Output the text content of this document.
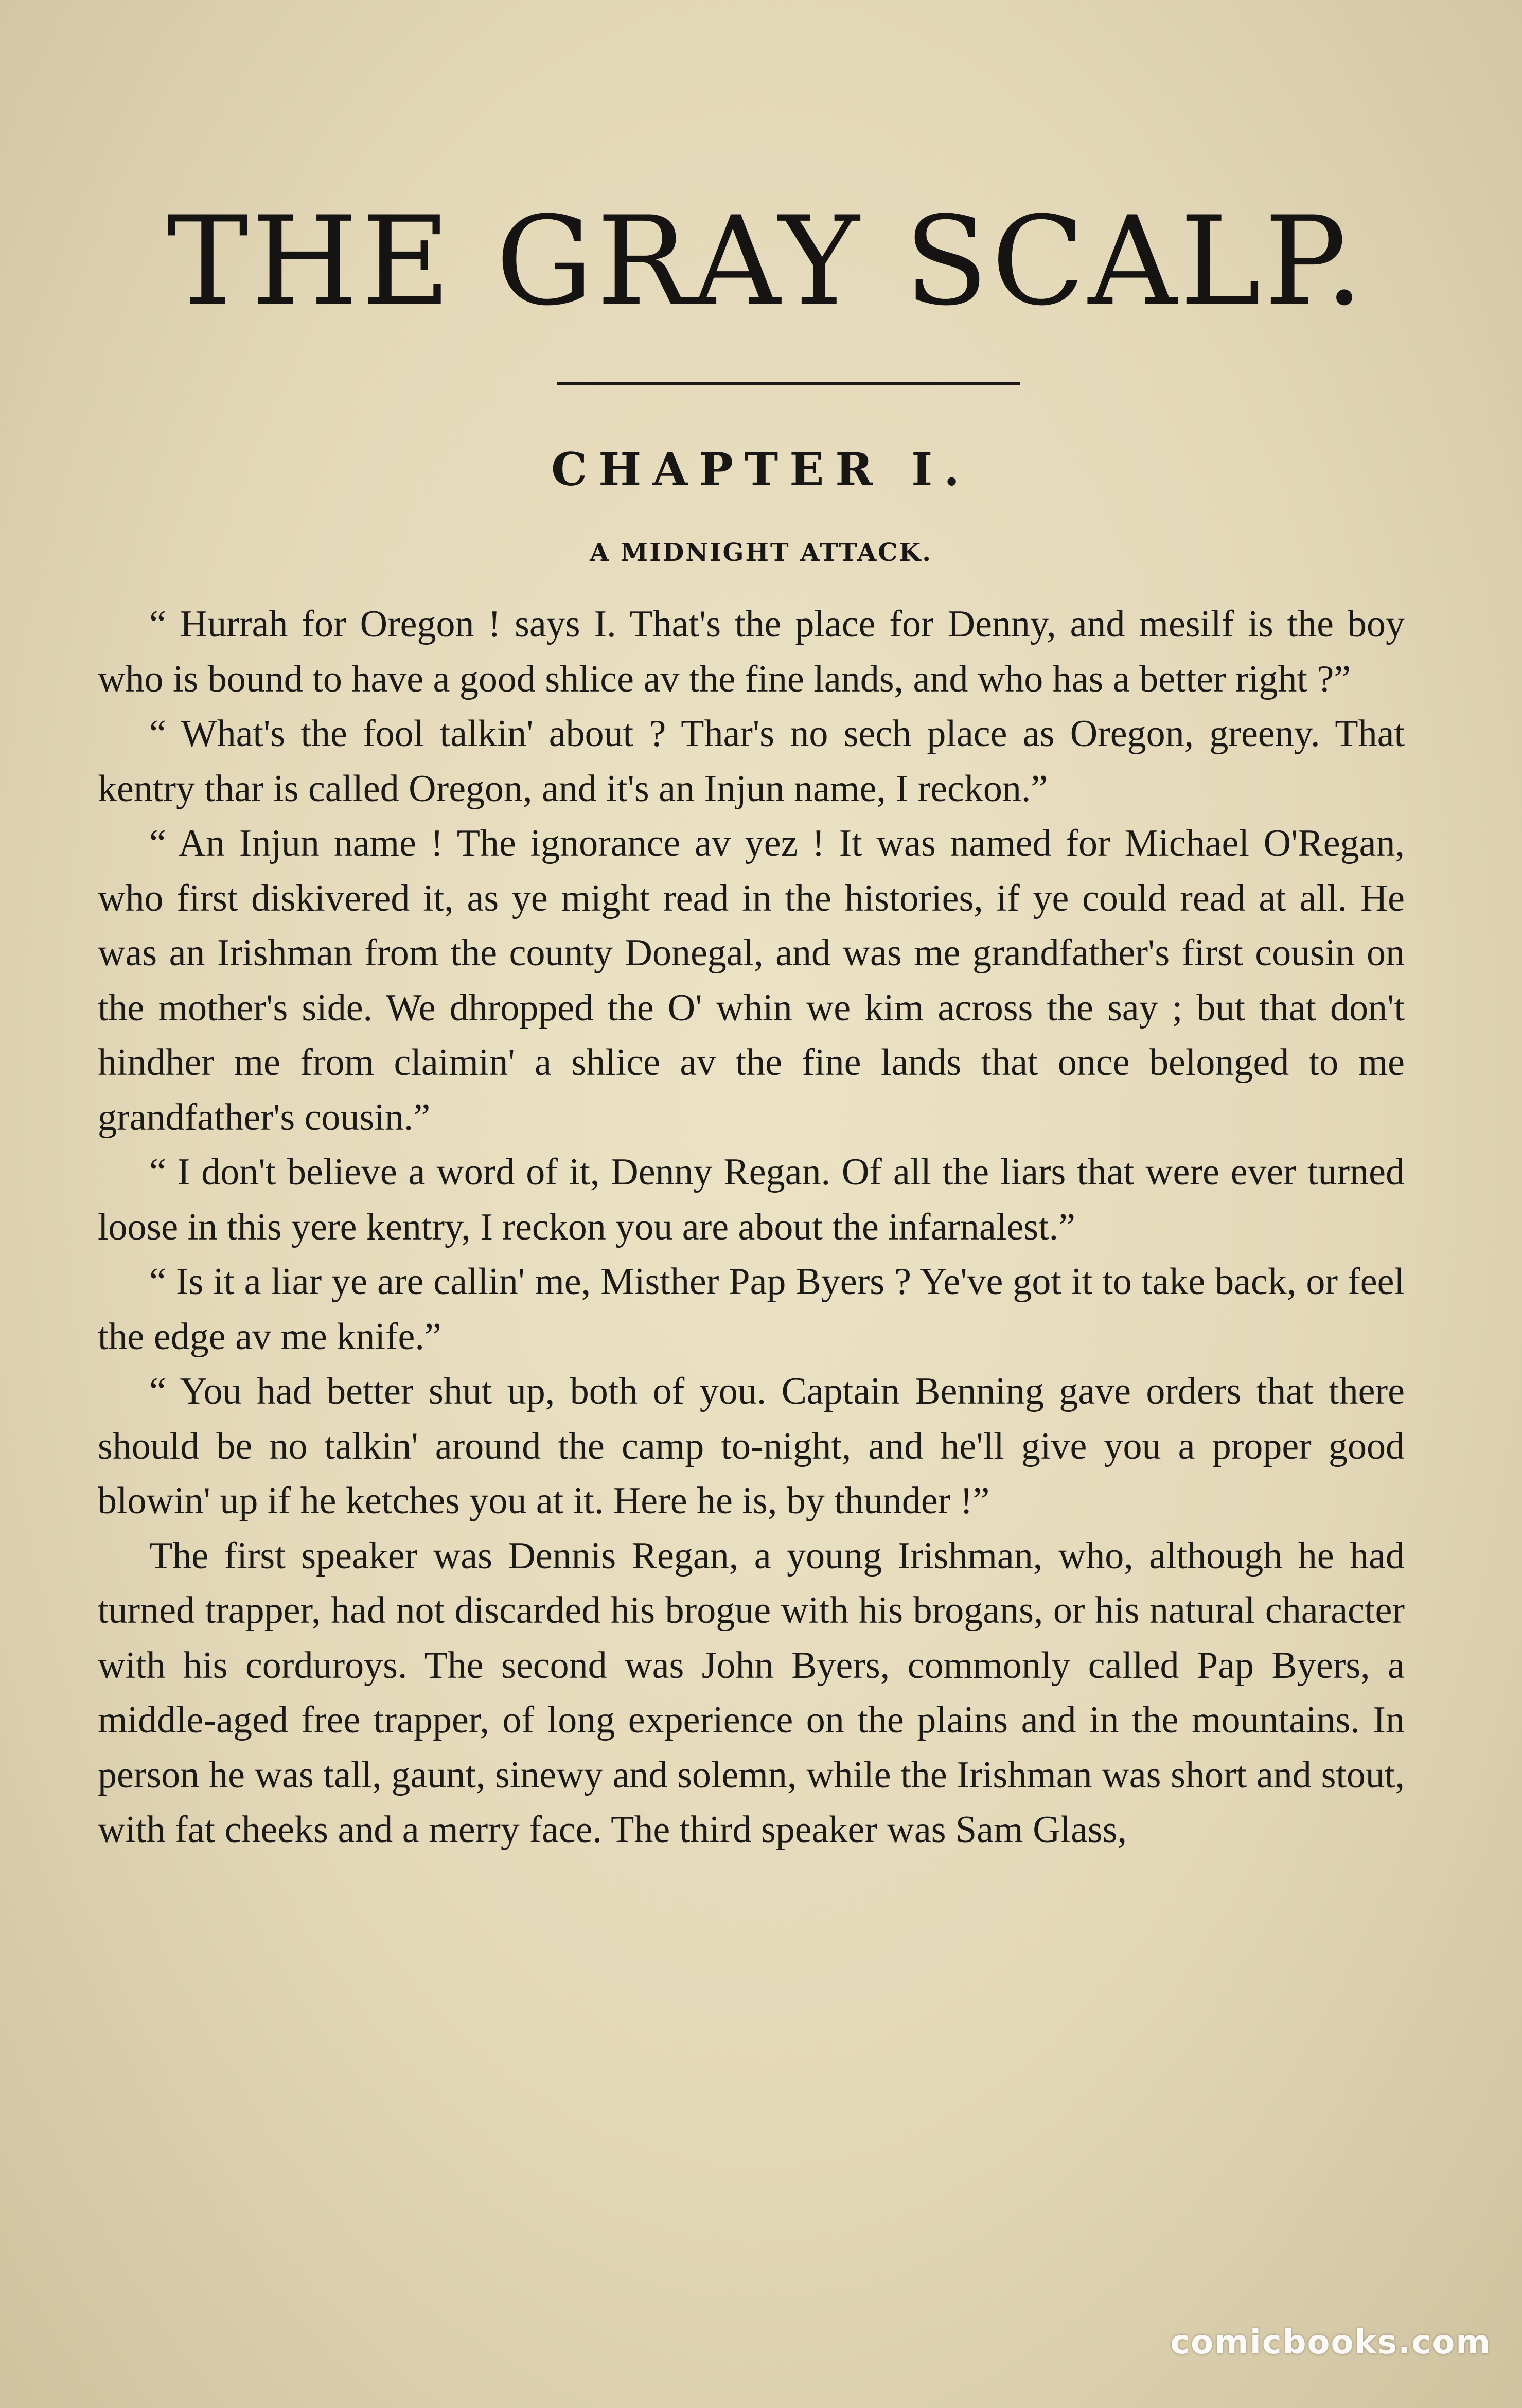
THE GRAY SCALP.
CHAPTER I.
A MIDNIGHT ATTACK.

“ Hurrah for Oregon ! says I. That's the place for Denny, and mesilf is the boy who is bound to have a good shlice av the fine lands, and who has a better right ?”

“ What's the fool talkin' about ? Thar's no sech place as Oregon, greeny. That kentry thar is called Oregon, and it's an Injun name, I reckon.”

“ An Injun name ! The ignorance av yez ! It was named for Michael O'Regan, who first diskivered it, as ye might read in the histories, if ye could read at all. He was an Irishman from the county Donegal, and was me grandfather's first cousin on the mother's side. We dhropped the O' whin we kim across the say ; but that don't hindher me from claimin' a shlice av the fine lands that once belonged to me grandfather's cousin.”

“ I don't believe a word of it, Denny Regan. Of all the liars that were ever turned loose in this yere kentry, I reckon you are about the infarnalest.”

“ Is it a liar ye are callin' me, Misther Pap Byers ? Ye've got it to take back, or feel the edge av me knife.”

“ You had better shut up, both of you. Captain Benning gave orders that there should be no talkin' around the camp to-night, and he'll give you a proper good blowin' up if he ketches you at it. Here he is, by thunder !”

The first speaker was Dennis Regan, a young Irishman, who, although he had turned trapper, had not discarded his brogue with his brogans, or his natural character with his corduroys. The second was John Byers, commonly called Pap Byers, a middle-aged free trapper, of long experience on the plains and in the mountains. In person he was tall, gaunt, sinewy and solemn, while the Irishman was short and stout, with fat cheeks and a merry face. The third speaker was Sam Glass,

comicbooks.com
